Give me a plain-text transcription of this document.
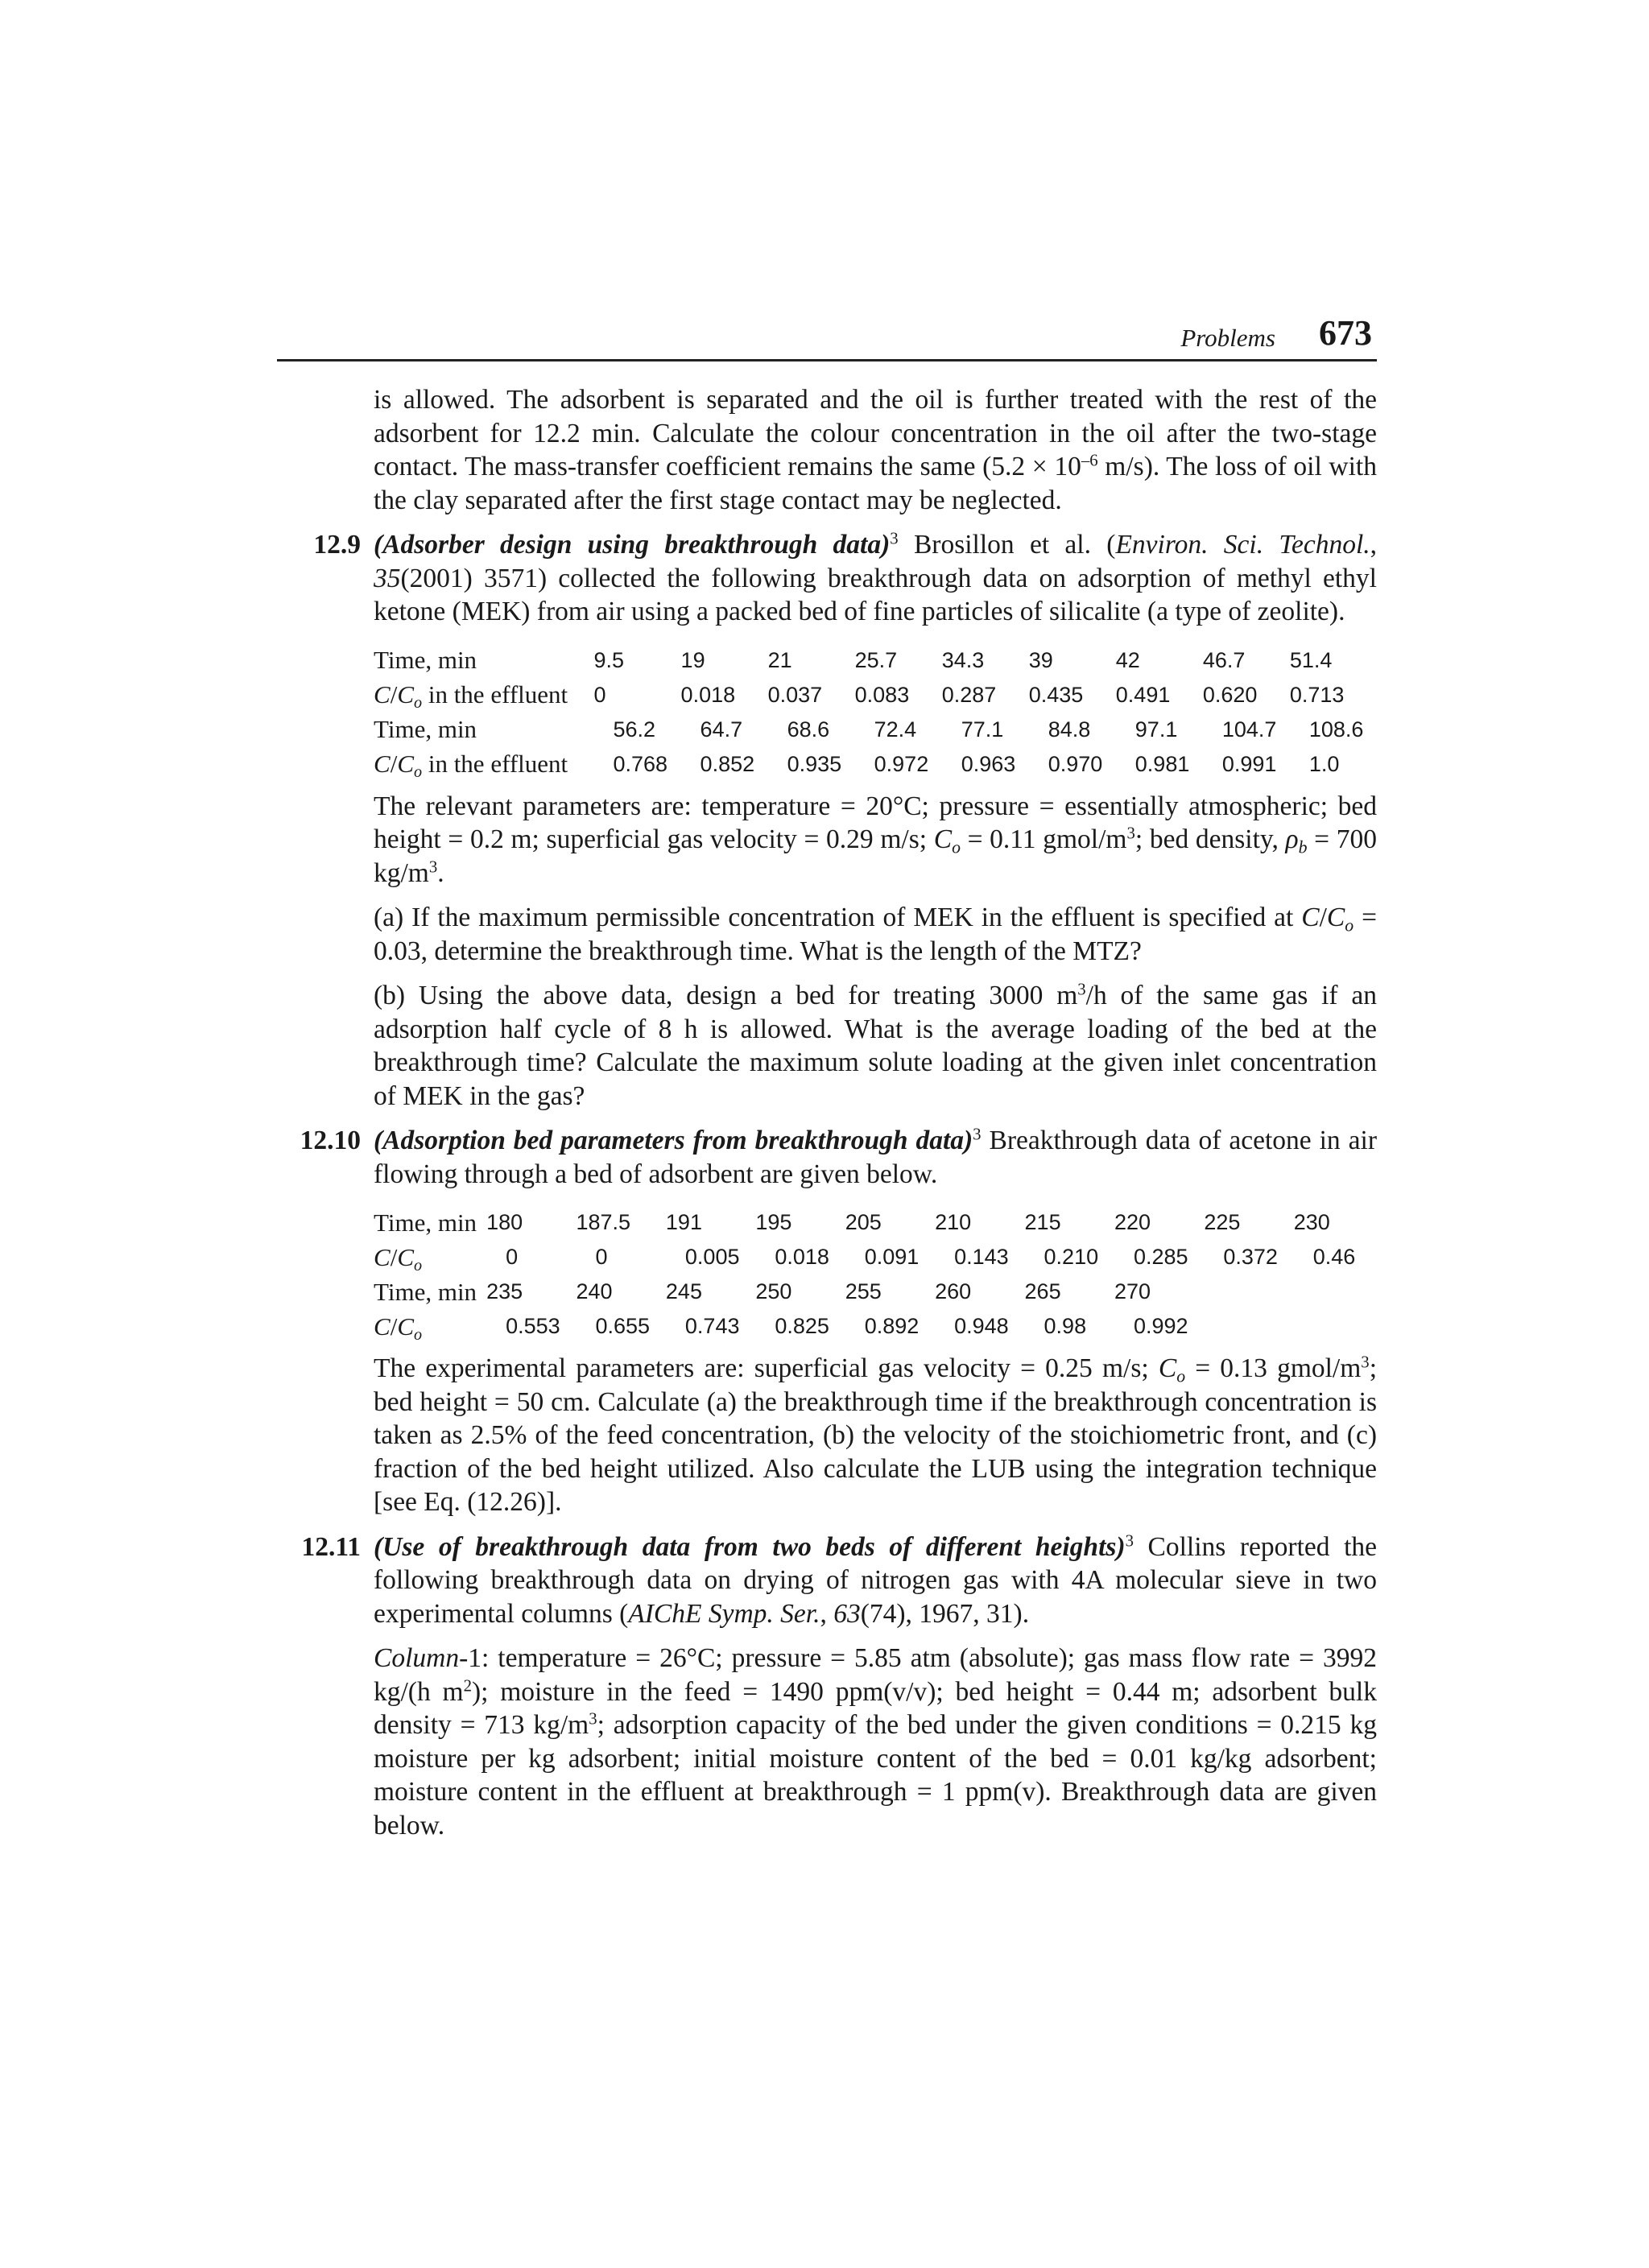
Problems 673

is allowed. The adsorbent is separated and the oil is further treated with the rest of the adsorbent for 12.2 min. Calculate the colour concentration in the oil after the two-stage contact. The mass-transfer coefficient remains the same ($5.2 \times 10^{-6}$ m/s). The loss of oil with the clay separated after the first stage contact may be neglected.

12.9 (Adsorber design using breakthrough data)$^3$ Brosillon et al. (Environ. Sci. Technol., 35(2001) 3571) collected the following breakthrough data on adsorption of methyl ethyl ketone (MEK) from air using a packed bed of fine particles of silicalite (a type of zeolite).

Time, min	9.5	19	21	25.7	34.3	39	42	46.7	51.4
$C/C_o$ in the effluent	0	0.018	0.037	0.083	0.287	0.435	0.491	0.620	0.713
Time, min	56.2	64.7	68.6	72.4	77.1	84.8	97.1	104.7	108.6
$C/C_o$ in the effluent	0.768	0.852	0.935	0.972	0.963	0.970	0.981	0.991	1.0

The relevant parameters are: temperature = 20°C; pressure = essentially atmospheric; bed height = 0.2 m; superficial gas velocity = 0.29 m/s; $C_o = 0.11$ gmol/$m^3$; bed density, $\rho_b = 700$ $kg/m^3$.

(a) If the maximum permissible concentration of MEK in the effluent is specified at $C/C_o = 0.03$, determine the breakthrough time. What is the length of the MTZ?

(b) Using the above data, design a bed for treating 3000 $m^3/h$ of the same gas if an adsorption half cycle of 8 h is allowed. What is the average loading of the bed at the breakthrough time? Calculate the maximum solute loading at the given inlet concentration of MEK in the gas?

12.10 (Adsorption bed parameters from breakthrough data)$^3$ Breakthrough data of acetone in air flowing through a bed of adsorbent are given below.

Time, min	180	187.5	191	195	205	210	215	220	225	230
$C/C_o$	0	0	0.005	0.018	0.091	0.143	0.210	0.285	0.372	0.46
Time, min	235	240	245	250	255	260	265	270		
$C/C_o$	0.553	0.655	0.743	0.825	0.892	0.948	0.98	0.992		

The experimental parameters are: superficial gas velocity = 0.25 m/s; $C_o = 0.13$ gmol/$m^3$; bed height = 50 cm. Calculate (a) the breakthrough time if the breakthrough concentration is taken as 2.5% of the feed concentration, (b) the velocity of the stoichiometric front, and (c) fraction of the bed height utilized. Also calculate the LUB using the integration technique [see Eq. (12.26)].

12.11 (Use of breakthrough data from two beds of different heights)$^3$ Collins reported the following breakthrough data on drying of nitrogen gas with 4A molecular sieve in two experimental columns (AIChE Symp. Ser., 63(74), 1967, 31).

Column-1: temperature = 26°C; pressure = 5.85 atm (absolute); gas mass flow rate = 3992 kg/(h $m^2$); moisture in the feed = 1490 ppm(v/v); bed height = 0.44 m; adsorbent bulk density = 713 $kg/m^3$; adsorption capacity of the bed under the given conditions = 0.215 kg moisture per kg adsorbent; initial moisture content of the bed = 0.01 kg/kg adsorbent; moisture content in the effluent at breakthrough = 1 ppm(v). Breakthrough data are given below.
